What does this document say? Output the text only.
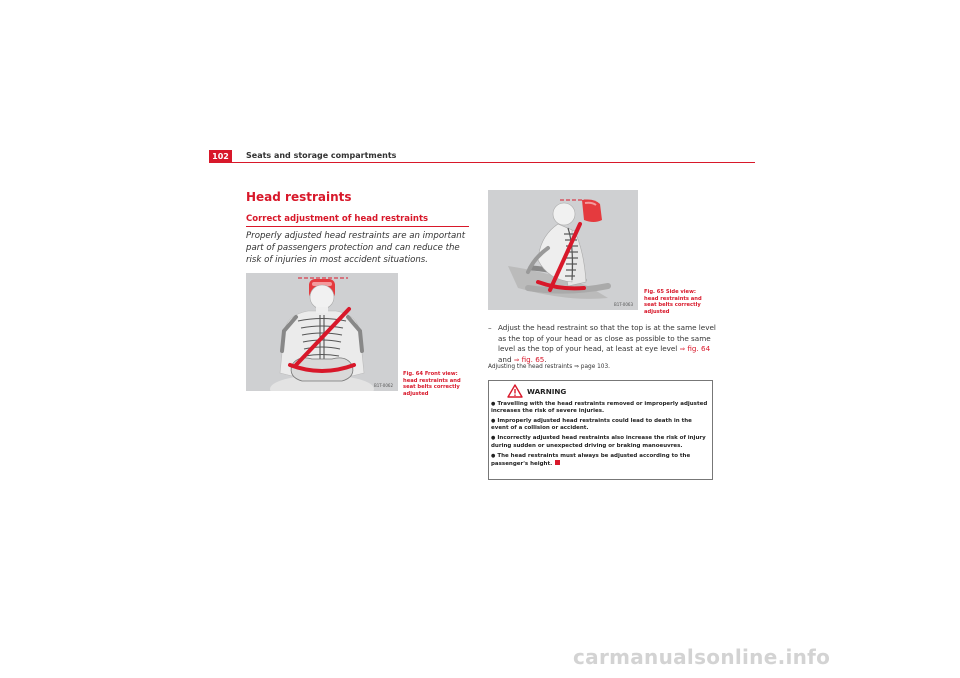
102	Seats and storage compartments
Head restraints
Correct adjustment of head restraints
Properly adjusted head restraints are an important part of passengers protection and can reduce the risk of injuries in most accident situations.
B1T-0062
Fig. 64 Front view: head restraints and seat belts correctly adjusted
B1T-0063
Fig. 65 Side view: head restraints and seat belts correctly adjusted
– Adjust the head restraint so that the top is at the same level as the top of your head or as close as possible to the same level as the top of your head, at least at eye level ⇒ fig. 64 and ⇒ fig. 65.
Adjusting the head restraints ⇒ page 103.
WARNING
● Travelling with the head restraints removed or improperly adjusted increases the risk of severe injuries.
● Improperly adjusted head restraints could lead to death in the event of a collision or accident.
● Incorrectly adjusted head restraints also increase the risk of injury during sudden or unexpected driving or braking manoeuvres.
● The head restraints must always be adjusted according to the passenger's height.
carmanualsonline.info
